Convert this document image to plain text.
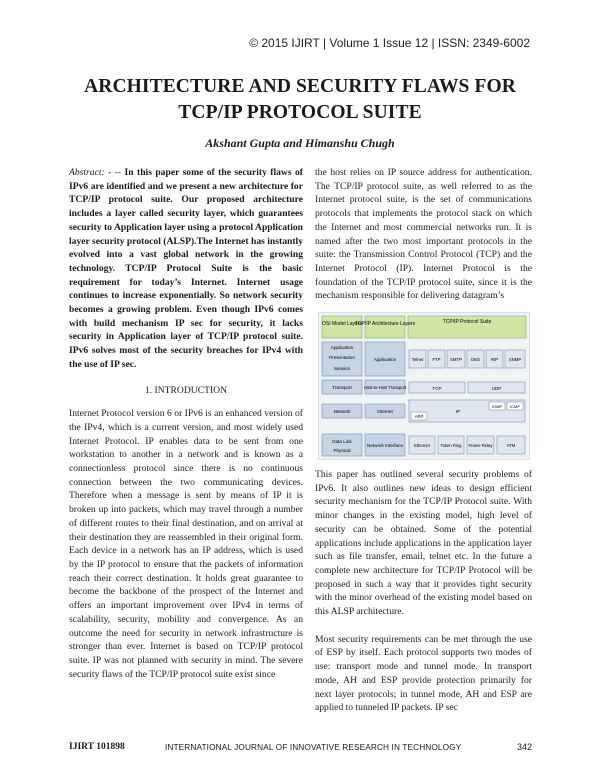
© 2015 IJIRT | Volume 1 Issue 12 | ISSN: 2349-6002
ARCHITECTURE AND SECURITY FLAWS FOR
TCP/IP PROTOCOL SUITE
Akshant Gupta and Himanshu Chugh

Abstract: - -- In this paper some of the security flaws of IPv6 are identified and we present a new architecture for TCP/IP protocol suite. Our proposed architecture includes a layer called security layer, which guarantees security to Application layer using a protocol Application layer security protocol (ALSP).The Internet has instantly evolved into a vast global network in the growing technology. TCP/IP Protocol Suite is the basic requirement for today’s Internet. Internet usage continues to increase exponentially. So network security becomes a growing problem. Even though IPv6 comes with build mechanism IP sec for security, it lacks security in Application layer of TCP/IP protocol suite. IPv6 solves most of the security breaches for IPv4 with the use of IP sec.

1. INTRODUCTION

Internet Protocol version 6 or IPv6 is an enhanced version of the IPv4, which is a current version, and most widely used Internet Protocol. IP enables data to be sent from one workstation to another in a network and is known as a connectionless protocol since there is no continuous connection between the two communicating devices. Therefore when a message is sent by means of IP it is broken up into packets, which may travel through a number of different routes to their final destination, and on arrival at their destination they are reassembled in their original form. Each device in a network has an IP address, which is used by the IP protocol to ensure that the packets of information reach their correct destination. It holds great guarantee to become the backbone of the prospect of the Internet and offers an important improvement over IPv4 in terms of scalability, security, mobility and convergence. As an outcome the need for security in network infrastructure is stronger than ever. Internet is based on TCP/IP protocol suite. IP was not planned with security in mind. The severe security flaws of the TCP/IP protocol suite exist since

the host relies on IP source address for authentication. The TCP/IP protocol suite, as well referred to as the Internet protocol suite, is the set of communications protocols that implements the protocol stack on which the Internet and most commercial networks run. It is named after the two most important protocols in the suite: the Transmission Control Protocol (TCP) and the Internet Protocol (IP). Internet Protocol is the foundation of the TCP/IP protocol suite, since it is the mechanism responsible for delivering datagram’s

OSI Model Layers
TCP/IP Architecture Layers	TCP/IP Protocol Suite
Application
Presentation
Session
Transport
Network
Data Link
Physical
Application
Host-to-Host Transport
Internet
Network Interface
Telnet FTP SMTP DNS	RIP SNMP
TCP	UDP
ARP
IP
IGMP ICMP
Ethernet	Token Ring Frame Relay	ATM

This paper has outlined several security problems of IPv6. It also outlines new ideas to design efficient security mechanism for the TCP/IP Protocol suite. With minor changes in the existing model, high level of security can be obtained. Some of the potential applications include applications in the application layer such as file transfer, email, telnet etc. In the future a complete new architecture for TCP/IP Protocol will be proposed in such a way that it provides tight security with the minor overhead of the existing model based on this ALSP architecture.

Most security requirements can be met through the use of ESP by itself. Each protocol supports two modes of use: transport mode and tunnel mode. In transport mode, AH and ESP provide protection primarily for next layer protocols; in tunnel mode, AH and ESP are applied to tunneled IP packets. IP sec

IJIRT 101898	INTERNATIONAL JOURNAL OF INNOVATIVE RESEARCH IN TECHNOLOGY	342
